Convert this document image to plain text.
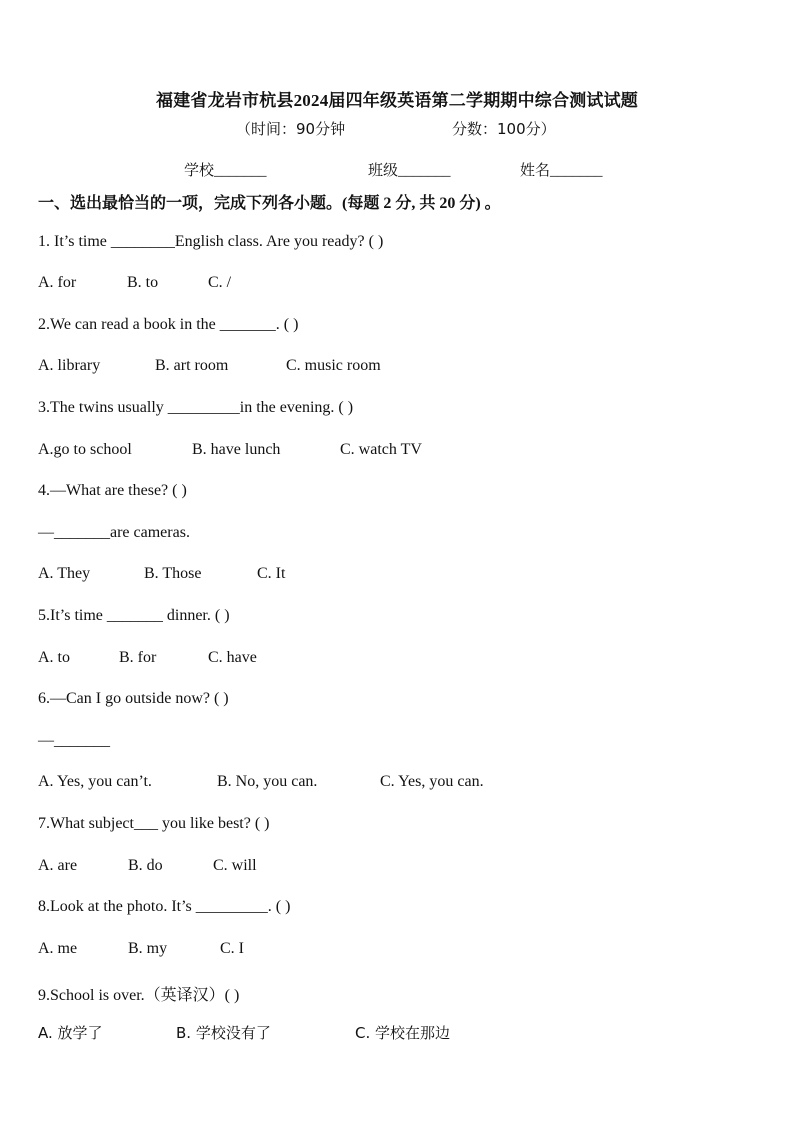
福建省龙岩市杭县2024届四年级英语第二学期期中综合测试试题
（时间：90分钟	分数：100分）
学校_______	班级_______	姓名_______
一、选出最恰当的一项，完成下列各小题。(每题 2 分, 共 20 分) 。
1. It’s time ________English class. Are you ready? ( )
A. for	B. to	C. /
2.We can read a book in the _______. ( )
A. library	B. art room	C. music room
3.The twins usually _________in the evening. ( )
A.go to school	B. have lunch	C. watch TV
4.—What are these? ( )
—_______are cameras.
A. They	B. Those	C. It
5.It’s time _______ dinner. ( )
A. to	B. for	C. have
6.—Can I go outside now? ( )
—_______
A. Yes, you can’t.	B. No, you can.	C. Yes, you can.
7.What subject___ you like best? ( )
A. are	B. do	C. will
8.Look at the photo. It’s _________. ( )
A. me	B. my	C. I
9.School is over.（英译汉）( )
A. 放学了	B. 学校没有了	C. 学校在那边
